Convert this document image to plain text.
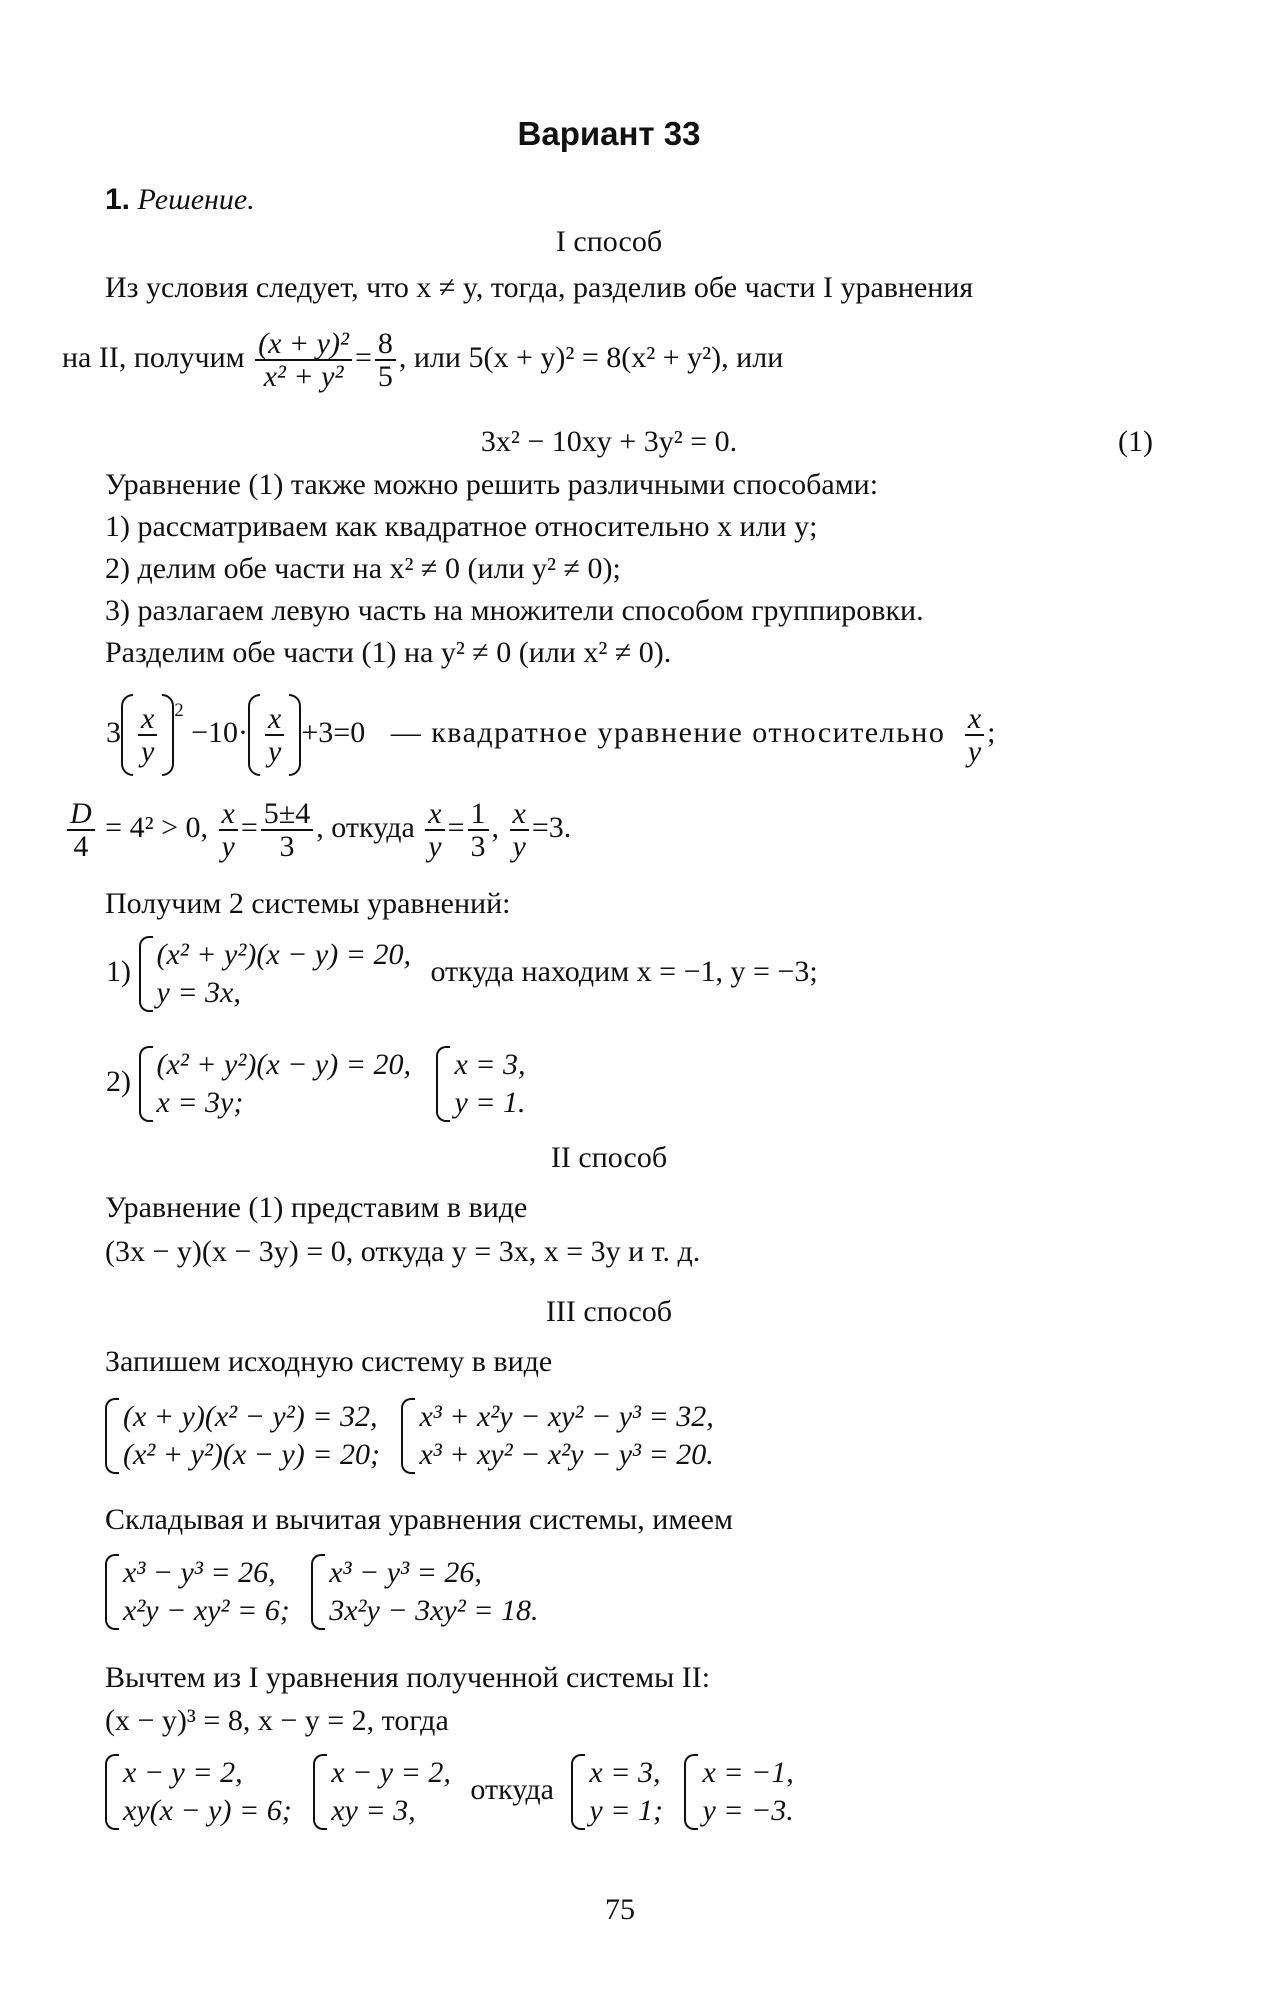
Вариант 33
1. Решение.
I способ
Из условия следует, что x ≠ y, тогда, разделив обе части I уравнения
на II, получим $\frac{\text{(x + y)²}}{\text{x² + y²}} = \frac{8}{5}$ , или 5(x + y)² = 8(x² + y²), или
3x² − 10xy + 3y² = 0.	(1)
Уравнение (1) также можно решить различными способами:
1) рассматриваем как квадратное относительно x или y;
2) делим обе части на x² ≠ 0 (или y² ≠ 0);
3) разлагаем левую часть на множители способом группировки.
Разделим обе части (1) на y² ≠ 0 (или x² ≠ 0).
$3 \frac{x}{y} ^2 -10\cdot \frac{x}{y} +3=0$ — квадратное уравнение относительно $\frac{x}{y}$ ;
$\frac{D}{4} = 4^2 > 0$, $\frac{x}{y} = \frac{5\pm 4}{3}$ , откуда $\frac{x}{y} = \frac{1}{3}$ , $\frac{x}{y} =3$.
Получим 2 системы уравнений:
1)
(x² + y²)(x − y) = 20,
y = 3x,
откуда находим x = −1, y = −3;
2)
(x² + y²)(x − y) = 20,
x = 3y;

x = 3,
y = 1.
II способ
Уравнение (1) представим в виде
(3x − y)(x − 3y) = 0, откуда y = 3x, x = 3y и т. д.
III способ
Запишем исходную систему в виде
(x + y)(x² − y²) = 32,
(x² + y²)(x − y) = 20;

x³ + x²y − xy² − y³ = 32,
x³ + xy² − x²y − y³ = 20.
Складывая и вычитая уравнения системы, имеем
x³ − y³ = 26,
x²y − xy² = 6;

x³ − y³ = 26,
3x²y − 3xy² = 18.
Вычтем из I уравнения полученной системы II:
(x − y)³ = 8, x − y = 2, тогда
x − y = 2,
xy(x − y) = 6;

x − y = 2,
xy = 3,
откуда
x = 3,
y = 1;

x = −1,
y = −3.
75
